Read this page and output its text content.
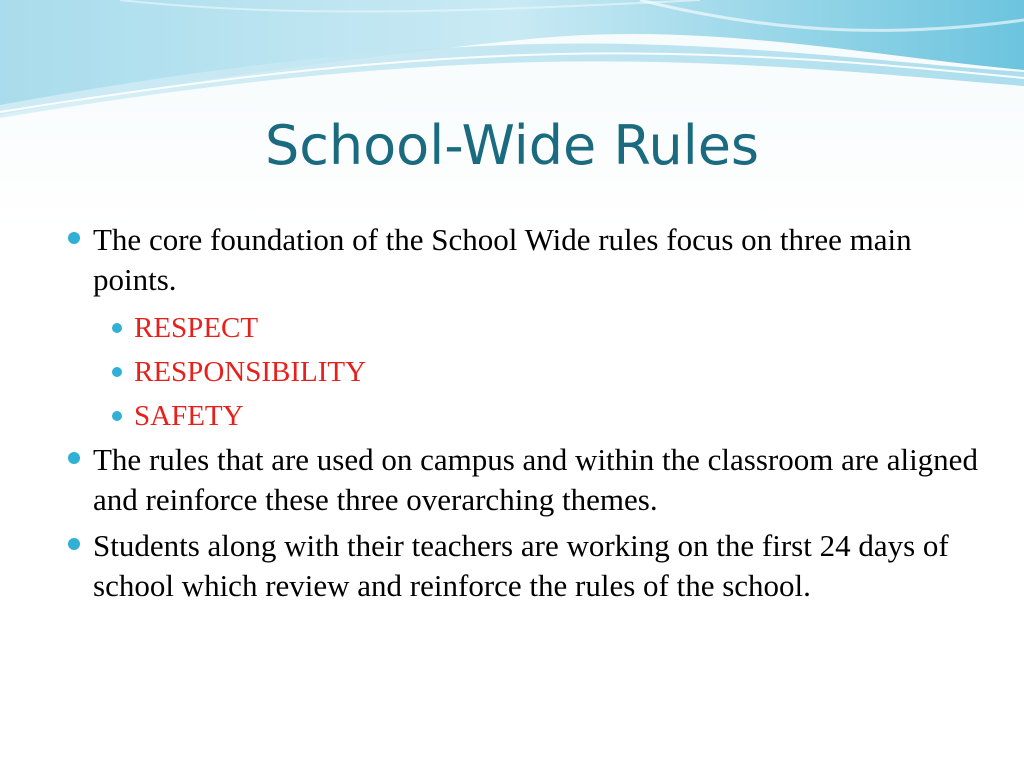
School-Wide Rules
The core foundation of the School Wide rules focus on three main points.
RESPECT
RESPONSIBILITY
SAFETY
The rules that are used on campus and within the classroom are aligned and reinforce these three overarching themes.
Students along with their teachers are working on the first 24 days of school which review and reinforce the rules of the school.
